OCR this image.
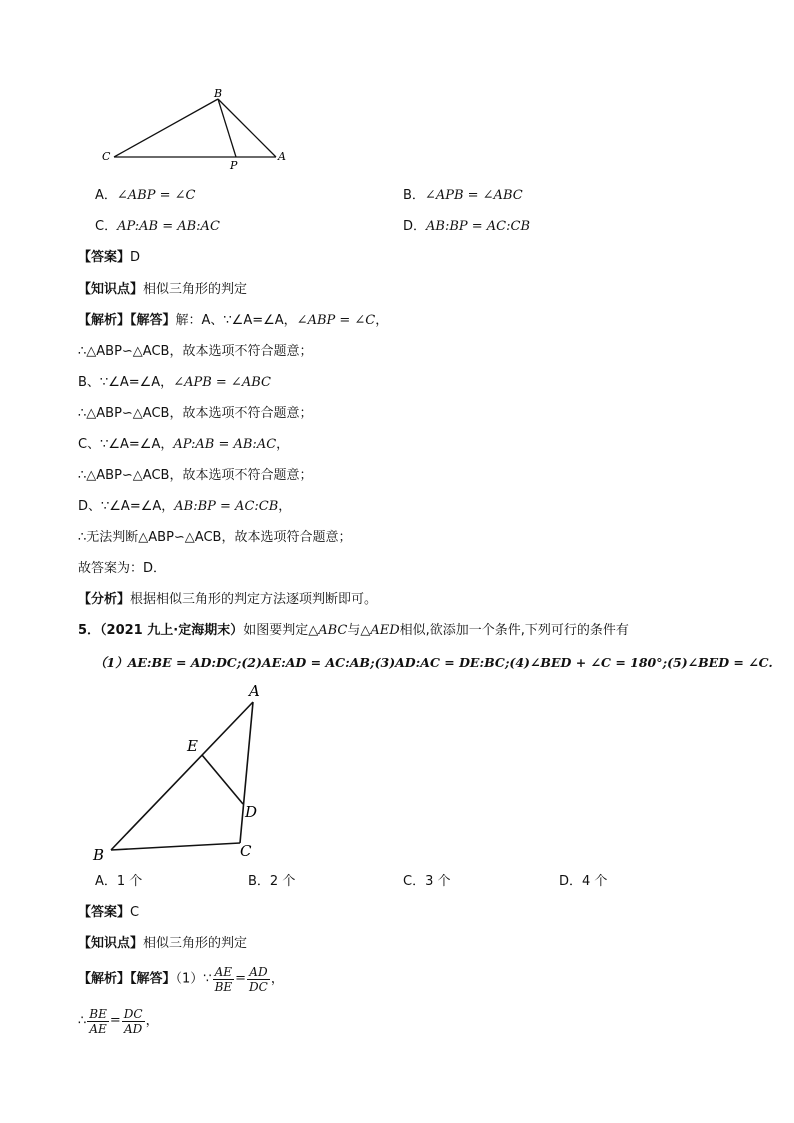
B
C
P
A
A．∠ABP = ∠C	B．∠APB = ∠ABC
C．AP:AB = AB:AC	D．AB:BP = AC:CB
【答案】D
【知识点】相似三角形的判定
【解析】【解答】解：A、∵∠A=∠A，∠ABP = ∠C，
∴△ABP∽△ACB，故本选项不符合题意；
B、∵∠A=∠A，∠APB = ∠ABC
∴△ABP∽△ACB，故本选项不符合题意；
C、∵∠A=∠A，AP:AB = AB:AC，
∴△ABP∽△ACB，故本选项不符合题意；
D、∵∠A=∠A，AB:BP = AC:CB，
∴无法判断△ABP∽△ACB，故本选项符合题意；
故答案为：D．
【分析】根据相似三角形的判定方法逐项判断即可。
5．（2021 九上·定海期末）如图要判定△ABC与△AED相似,欲添加一个条件,下列可行的条件有
（1）AE:BE = AD:DC;(2)AE:AD = AC:AB;(3)AD:AC = DE:BC;(4)∠BED + ∠C = 180°;(5)∠BED = ∠C.
A
E
D
B	C
A．1 个	B．2 个	C．3 个	D．4 个
【答案】C
【知识点】相似三角形的判定
【解析】【解答】（1）∵ $\frac{AE}{BE} = \frac{AD}{DC}$ ，
∴ $\frac{BE}{AE} = \frac{DC}{AD}$ ，
